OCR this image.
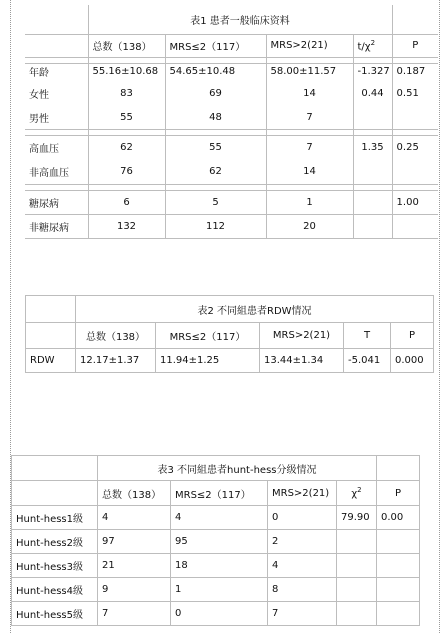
	表1 患者一般临床资料				
	总数（138）	MRS≤2（117）	MRS>2(21)	$t/\chi^2$	P

年龄	55.16±10.68	54.65±10.48	58.00±11.57	-1.327	0.187
女性	83	69	14	0.44	0.51
男性	55	48	7		

高血压	62	55	7	1.35	0.25
非高血压	76	62	14		

糖尿病	6	5	1		1.00
非糖尿病	132	112	20		
	表2 不同組患者RDW情况				
	总数（138）	MRS≤2（117）	MRS>2(21)	T	P
RDW	12.17±1.37	11.94±1.25	13.44±1.34	-5.041	0.000
	表3 不同組患者hunt-hess分级情况				
	总数（138）	MRS≤2（117）	MRS>2(21)	$\chi^2$	P
Hunt-hess1级	4	4	0	79.90	0.00
Hunt-hess2级	97	95	2		
Hunt-hess3级	21	18	4		
Hunt-hess4级	9	1	8		
Hunt-hess5级	7	0	7		
